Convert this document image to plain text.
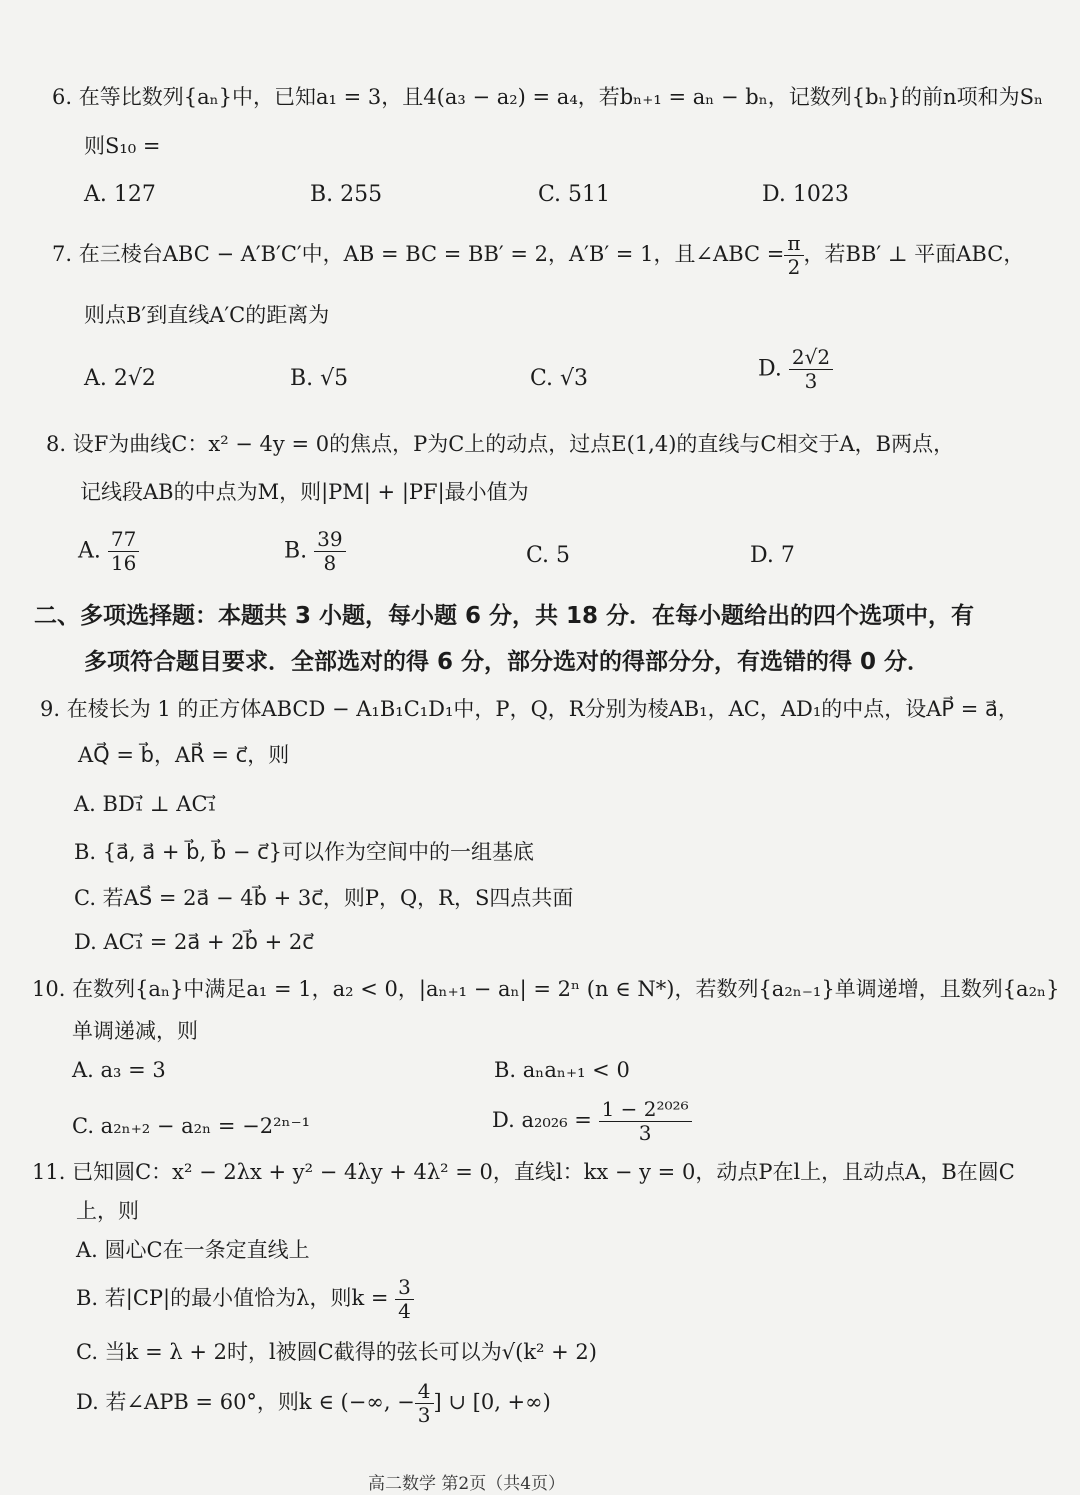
6. 在等比数列{aₙ}中，已知a₁ = 3，且4(a₃ − a₂) = a₄，若bₙ₊₁ = aₙ − bₙ，记数列{bₙ}的前n项和为Sₙ
则S₁₀ =
A. 127	B. 255	C. 511	D. 1023
7. 在三棱台ABC − A′B′C′中，AB = BC = BB′ = 2，A′B′ = 1，且∠ABC = $\frac{\pi}{2}$ ，若BB′ ⊥ 平面ABC，
则点B′到直线A′C的距离为
A. 2√2	B. √5	C. √3	D. $\frac{2√2}{3}$
8. 设F为曲线C：x² − 4y = 0的焦点，P为C上的动点，过点E(1,4)的直线与C相交于A，B两点，
记线段AB的中点为M，则|PM| + |PF|最小值为
A. $\frac{77}{16}$	B. $\frac{39}{8}$	C. 5	D. 7
二、多项选择题：本题共 3 小题，每小题 6 分，共 18 分．在每小题给出的四个选项中，有
多项符合题目要求．全部选对的得 6 分，部分选对的得部分分，有选错的得 0 分．
9. 在棱长为 1 的正方体ABCD − A₁B₁C₁D₁中，P，Q，R分别为棱AB₁，AC，AD₁的中点，设AP⃗ = a⃗，
AQ⃗ = b⃗，AR⃗ = c⃗，则
A. BD₁⃗ ⊥ AC₁⃗
B. {a⃗, a⃗ + b⃗, b⃗ − c⃗}可以作为空间中的一组基底
C. 若AS⃗ = 2a⃗ − 4b⃗ + 3c⃗，则P，Q，R，S四点共面
D. AC₁⃗ = 2a⃗ + 2b⃗ + 2c⃗
10. 在数列{aₙ}中满足a₁ = 1，a₂ < 0，|aₙ₊₁ − aₙ| = 2ⁿ (n ∈ N*)，若数列{a₂ₙ₋₁}单调递增，且数列{a₂ₙ}
单调递减，则
A. a₃ = 3	B. aₙaₙ₊₁ < 0
C. a₂ₙ₊₂ − a₂ₙ = −2²ⁿ⁻¹	D. $a_{2026} = \frac{\text{1 − 2²⁰²⁶}}{3}$
11. 已知圆C：x² − 2λx + y² − 4λy + 4λ² = 0，直线l：kx − y = 0，动点P在l上，且动点A，B在圆C
上，则
A. 圆心C在一条定直线上
B. 若|CP|的最小值恰为λ，则$k = \frac{3}{4}$
C. 当k = λ + 2时，l被圆C截得的弦长可以为√(k² + 2)
D. 若∠APB = 60°，则k ∈ (−∞, − $\frac{4}{3}$ ] ∪ [0, +∞)
高二数学 第2页（共4页）
